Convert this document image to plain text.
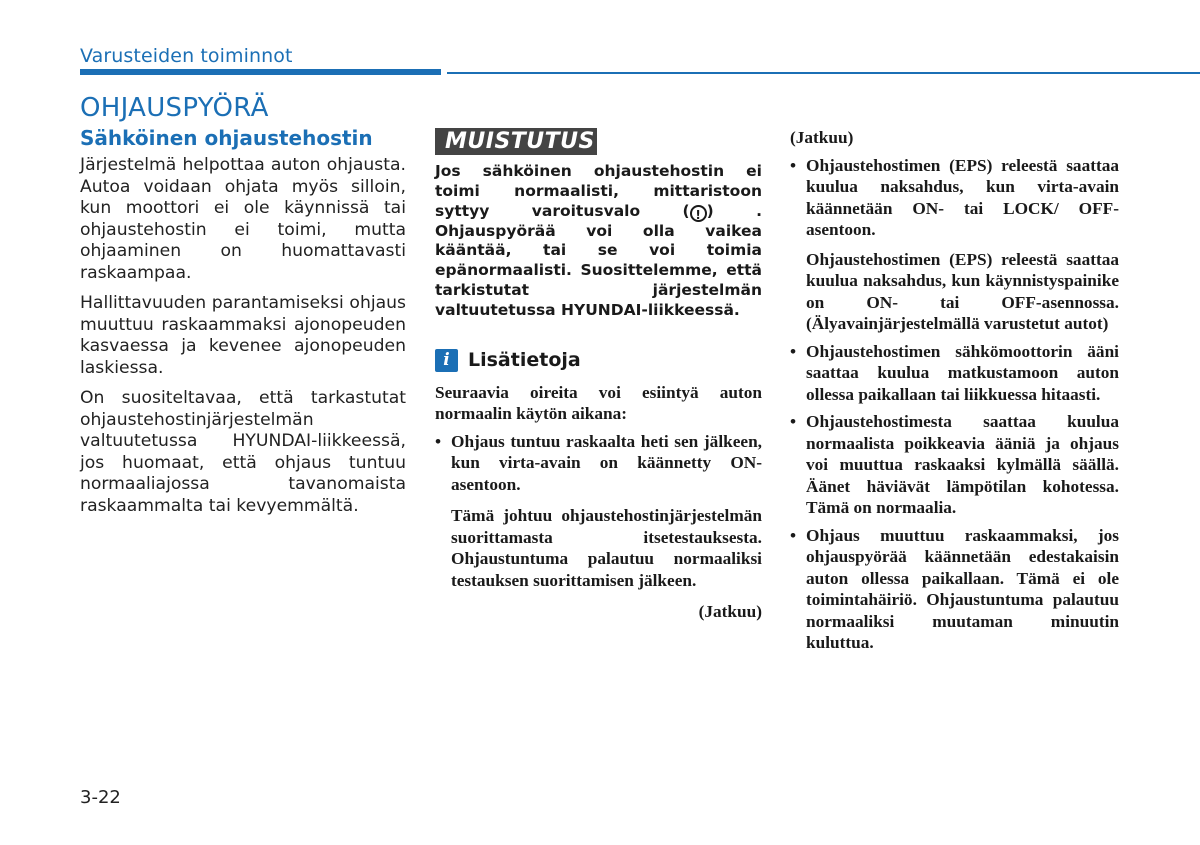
Varusteiden toiminnot
OHJAUSPYÖRÄ
Sähköinen ohjaustehostin

Järjestelmä helpottaa auton ohjausta. Autoa voidaan ohjata myös silloin, kun moottori ei ole käynnissä tai ohjaustehostin ei toimi, mutta ohjaaminen on huomattavasti raskaampaa.

Hallittavuuden parantamiseksi ohjaus muuttuu raskaammaksi ajonopeuden kasvaessa ja kevenee ajonopeuden laskiessa.

On suositeltavaa, että tarkastutat ohjaustehostinjärjestelmän valtuutetussa HYUNDAI-liikkeessä, jos huomaat, että ohjaus tuntuu normaaliajossa tavanomaista raskaammalta tai kevyemmältä.

MUISTUTUS

Jos sähköinen ohjaustehostin ei toimi normaalisti, mittaristoon syttyy varoitusvalo ( ! ) . Ohjauspyörää voi olla vaikea kääntää, tai se voi toimia epänormaalisti. Suosittelemme, että tarkistutat järjestelmän valtuutetussa HYUNDAI-liikkeessä.

i Lisätietoja

Seuraavia oireita voi esiintyä auton normaalin käytön aikana:

• Ohjaus tuntuu raskaalta heti sen jälkeen, kun virta-avain on käännetty ON-asentoon.

Tämä johtuu ohjaustehostinjärjestelmän suorittamasta itsetestauksesta. Ohjaustuntuma palautuu normaaliksi testauksen suorittamisen jälkeen.

(Jatkuu)

(Jatkuu)
• Ohjaustehostimen (EPS) releestä saattaa kuulua naksahdus, kun virta-avain käännetään ON- tai LOCK/ OFF-asentoon.

Ohjaustehostimen (EPS) releestä saattaa kuulua naksahdus, kun käynnistyspainike on ON- tai OFF-asennossa. (Älyavainjärjestelmällä varustetut autot)

• Ohjaustehostimen sähkömoottorin ääni saattaa kuulua matkustamoon auton ollessa paikallaan tai liikkuessa hitaasti.
• Ohjaustehostimesta saattaa kuulua normaalista poikkeavia ääniä ja ohjaus voi muuttua raskaaksi kylmällä säällä. Äänet häviävät lämpötilan kohotessa. Tämä on normaalia.
• Ohjaus muuttuu raskaammaksi, jos ohjauspyörää käännetään edestakaisin auton ollessa paikallaan. Tämä ei ole toimintahäiriö. Ohjaustuntuma palautuu normaaliksi muutaman minuutin kuluttua.
3-22
